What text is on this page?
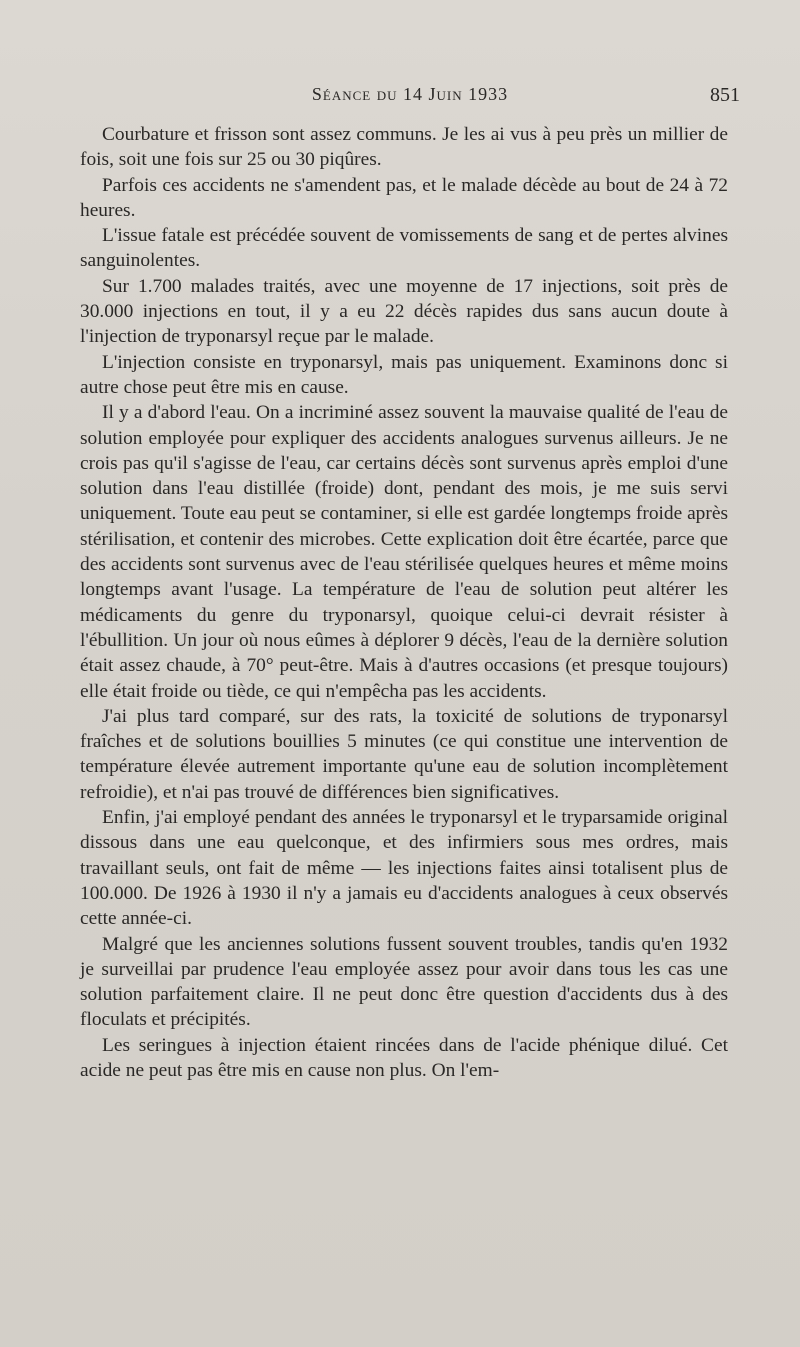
Séance du 14 Juin 1933	851

Courbature et frisson sont assez communs. Je les ai vus à peu près un millier de fois, soit une fois sur 25 ou 30 piqûres.

Parfois ces accidents ne s'amendent pas, et le malade décède au bout de 24 à 72 heures.

L'issue fatale est précédée souvent de vomissements de sang et de pertes alvines sanguinolentes.

Sur 1.700 malades traités, avec une moyenne de 17 injections, soit près de 30.000 injections en tout, il y a eu 22 décès rapides dus sans aucun doute à l'injection de tryponarsyl reçue par le malade.

L'injection consiste en tryponarsyl, mais pas uniquement. Examinons donc si autre chose peut être mis en cause.

Il y a d'abord l'eau. On a incriminé assez souvent la mauvaise qualité de l'eau de solution employée pour expliquer des accidents analogues survenus ailleurs. Je ne crois pas qu'il s'agisse de l'eau, car certains décès sont survenus après emploi d'une solution dans l'eau distillée (froide) dont, pendant des mois, je me suis servi uniquement. Toute eau peut se contaminer, si elle est gardée longtemps froide après stérilisation, et contenir des microbes. Cette explication doit être écartée, parce que des accidents sont survenus avec de l'eau stérilisée quelques heures et même moins longtemps avant l'usage. La température de l'eau de solution peut altérer les médicaments du genre du tryponarsyl, quoique celui-ci devrait résister à l'ébullition. Un jour où nous eûmes à déplorer 9 décès, l'eau de la dernière solution était assez chaude, à 70° peut-être. Mais à d'autres occasions (et presque toujours) elle était froide ou tiède, ce qui n'empêcha pas les accidents.

J'ai plus tard comparé, sur des rats, la toxicité de solutions de tryponarsyl fraîches et de solutions bouillies 5 minutes (ce qui constitue une intervention de température élevée autrement importante qu'une eau de solution incomplètement refroidie), et n'ai pas trouvé de différences bien significatives.

Enfin, j'ai employé pendant des années le tryponarsyl et le tryparsamide original dissous dans une eau quelconque, et des infirmiers sous mes ordres, mais travaillant seuls, ont fait de même — les injections faites ainsi totalisent plus de 100.000. De 1926 à 1930 il n'y a jamais eu d'accidents analogues à ceux observés cette année-ci.

Malgré que les anciennes solutions fussent souvent troubles, tandis qu'en 1932 je surveillai par prudence l'eau employée assez pour avoir dans tous les cas une solution parfaitement claire. Il ne peut donc être question d'accidents dus à des floculats et précipités.

Les seringues à injection étaient rincées dans de l'acide phénique dilué. Cet acide ne peut pas être mis en cause non plus. On l'em-
